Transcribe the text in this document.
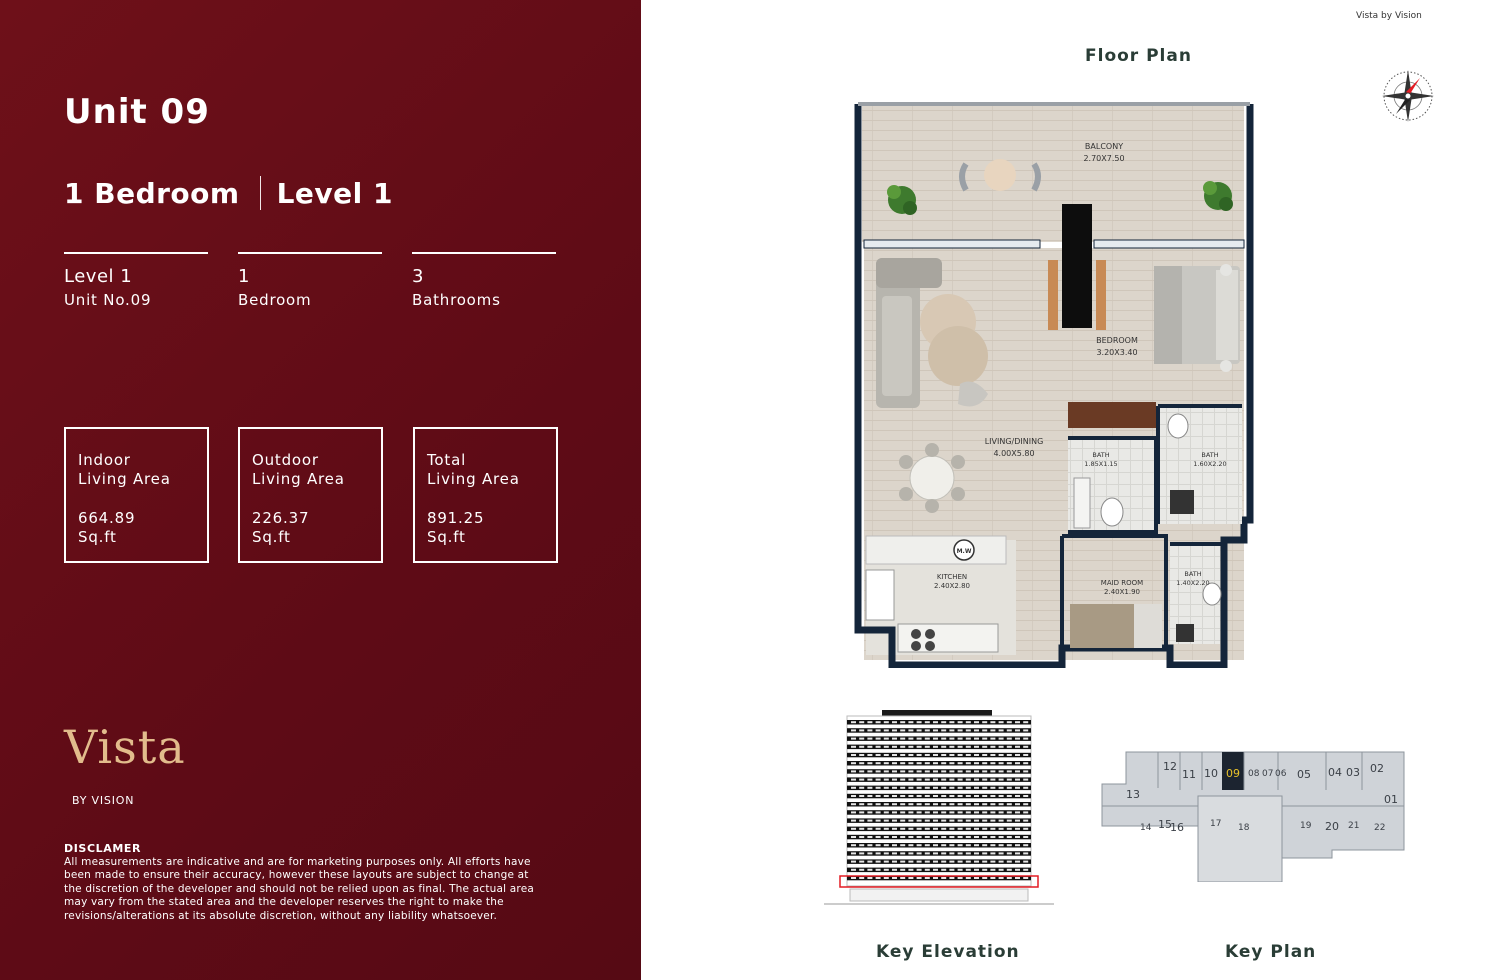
Unit 09
1 Bedroom Level 1
Level 1
Unit No.09
1
Bedroom
3
Bathrooms
Indoor
Living Area
664.89
Sq.ft
Outdoor
Living Area
226.37
Sq.ft
Total
Living Area
891.25
Sq.ft
Vista
BY VISION
DISCLAMER
All measurements are indicative and are for marketing purposes only. All efforts have been made to ensure their accuracy, however these layouts are subject to change at the discretion of the developer and should not be relied upon as final. The actual area may vary from the stated area and the developer reserves the right to make the revisions/alterations at its absolute discretion, without any liability whatsoever.
Vista by Vision
Floor Plan
M.W
BALCONY
2.70X7.50
BEDROOM
3.20X3.40
LIVING/DINING
4.00X5.80	BATH
1.85X1.15
BATH
1.60X2.20
KITCHEN
2.40X2.80	MAID ROOM
2.40X1.90
BATH
1.40X2.20
12
11 10 09 08 07 06 05 04 03 02
13	01
14 15
16	17 18	19 20 21 22
Key Elevation	Key Plan
